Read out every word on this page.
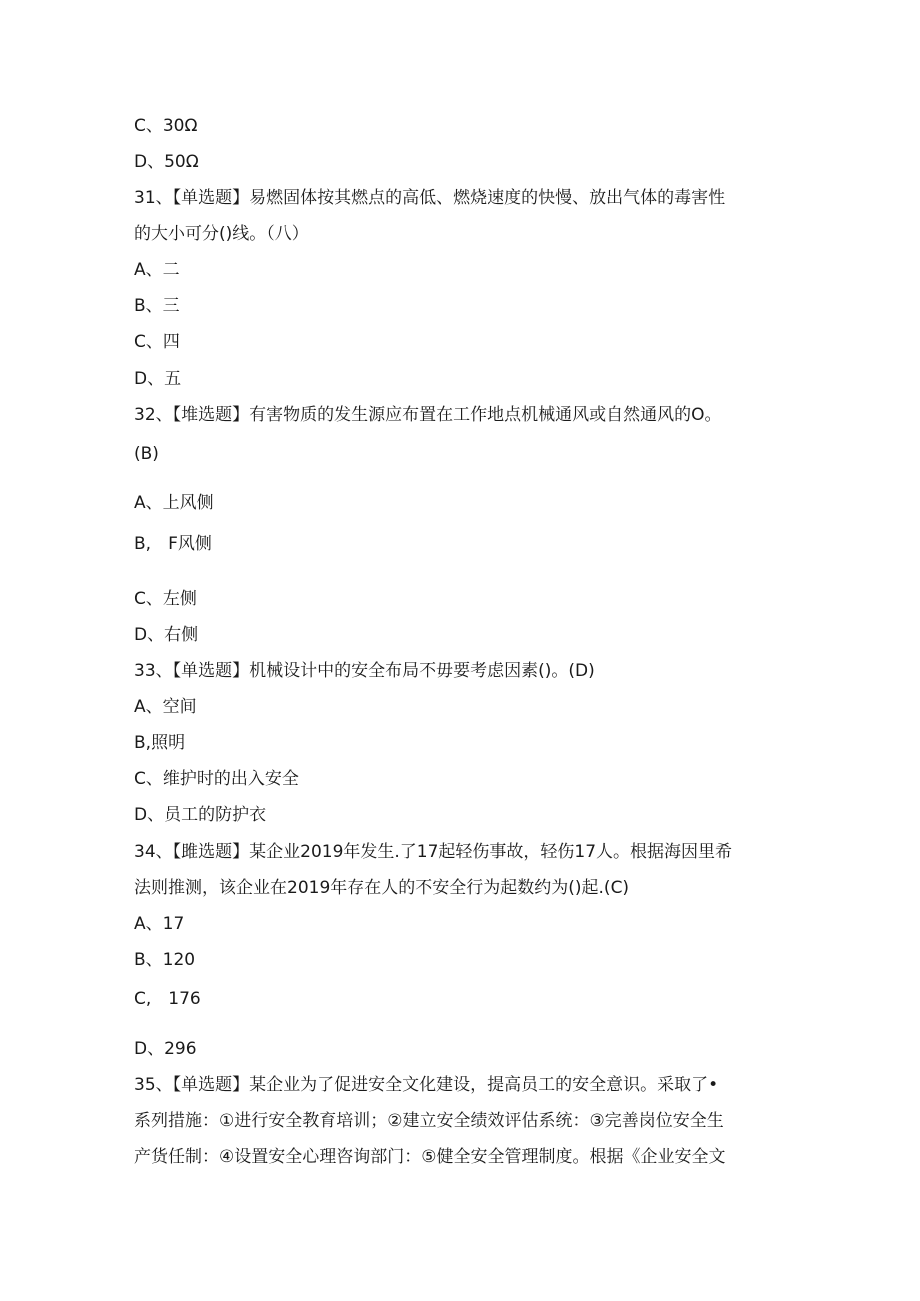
C、30Ω
D、50Ω
31、【单选题】易燃固体按其燃点的高低、燃烧速度的快慢、放出气体的毒害性
的大小可分()线。（八）
A、二
B、三
C、四
D、五
32、【堆选题】有害物质的发生源应布置在工作地点机械通风或自然通风的O。
(B)
A、上风侧
B,　F风侧
C、左侧
D、右侧
33、【单选题】机械设计中的安全布局不毋要考虑因素()。(D)
A、空间
B,照明
C、维护时的出入安全
D、员工的防护衣
34、【雎选题】某企业2019年发生.了17起轻伤事故，轻伤17人。根据海因里希
法则推测，该企业在2019年存在人的不安全行为起数约为()起.(C)
A、17
B、120
C,　176
D、296
35、【单选题】某企业为了促进安全文化建设，提高员工的安全意识。采取了•
系列措施：①进行安全教育培训；②建立安全绩效评估系统：③完善岗位安全生
产货任制：④设置安全心理咨询部门：⑤健全安全管理制度。根据《企业安全文
